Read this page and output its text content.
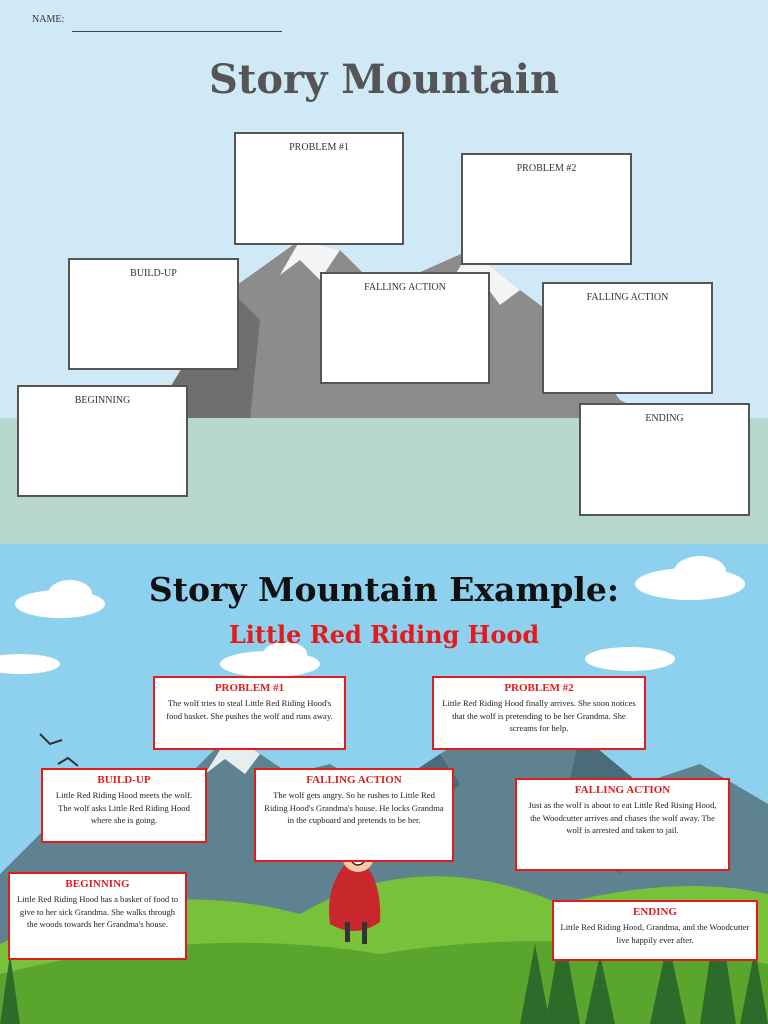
NAME:
Story Mountain
PROBLEM #1
PROBLEM #2
BUILD-UP
FALLING ACTION
FALLING ACTION
BEGINNING
ENDING
Story Mountain Example:
Little Red Riding Hood
PROBLEM #1
The wolf tries to steal Little Red Riding Hood's food basket. She pushes the wolf and runs away.
PROBLEM #2
Little Red Riding Hood finally arrives. She soon notices that the wolf is pretending to be her Grandma. She screams for help.
BUILD-UP
Little Red Riding Hood meets the wolf. The wolf asks Little Red Riding Hood where she is going.
FALLING ACTION
The wolf gets angry. So he rushes to Little Red Riding Hood's Grandma's house. He locks Grandma in the cupboard and pretends to be her.
FALLING ACTION
Just as the wolf is about to eat Little Red Rising Hood, the Woodcutter arrives and chases the wolf away. The wolf is arrested and taken to jail.
BEGINNING
Little Red Riding Hood has a basket of food to give to her sick Grandma. She walks through the woods towards her Grandma's house.
ENDING
Little Red Riding Hood, Grandma, and the Woodcutter live happily ever after.
